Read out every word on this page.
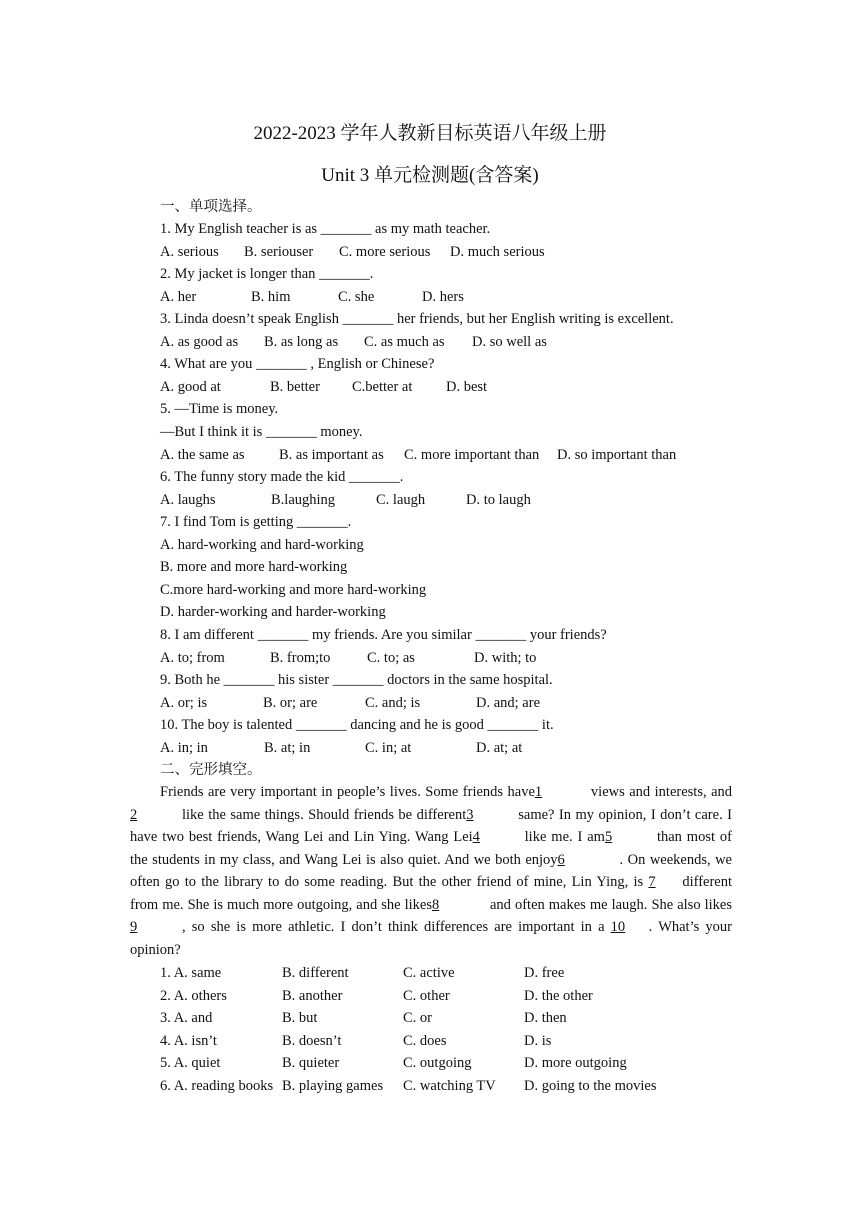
2022-2023 学年人教新目标英语八年级上册
Unit 3 单元检测题(含答案)
一、单项选择。
1. My English teacher is as _______ as my math teacher.
A. serious B. seriouser C. more serious D. much serious
2. My jacket is longer than _______.
A. her	B. him	C. she	D. hers
3. Linda doesn’t speak English _______ her friends, but her English writing is excellent.
A. as good as B. as long as C. as much as D. so well as
4. What are you _______ , English or Chinese?
A. good at	B. better C.better at D. best
5. —Time is money.
—But I think it is _______ money.
A. the same as B. as important as C. more important than D. so important than
6. The funny story made the kid _______.
A. laughs	B.laughing	C. laugh	D. to laugh
7. I find Tom is getting _______.
A. hard-working and hard-working
B. more and more hard-working
C.more hard-working and more hard-working
D. harder-working and harder-working
8. I am different _______ my friends. Are you similar _______ your friends?
A. to; from	B. from;to	C. to; as	D. with; to
9. Both he _______ his sister _______ doctors in the same hospital.
A. or; is	B. or; are	C. and; is	D. and; are
10. The boy is talented _______ dancing and he is good _______ it.
A. in; in	B. at; in	C. in; at	D. at; at
二、完形填空。
Friends are very important in people’s lives. Some friends have1	views and interests, and2	like the same things. Should friends be different3	same? In my opinion, I don’t care. I have two best friends, Wang Lei and Lin Ying. Wang Lei4	like me. I am5	than most of the students in my class, and Wang Lei is also quiet. And we both enjoy6	. On weekends, we often go to the library to do some reading. But the other friend of mine, Lin Ying, is 7 different from me. She is much more outgoing, and she likes8	and often makes me laugh. She also likes9	, so she is more athletic. I don’t think differences are important in a 10 . What’s your opinion?
1. A. same	B. different	C. active	D. free
2. A. others	B. another	C. other	D. the other
3. A. and	B. but	C. or	D. then
4. A. isn’t	B. doesn’t	C. does	D. is
5. A. quiet	B. quieter	C. outgoing	D. more outgoing
6. A. reading books B. playing games C. watching TV D. going to the movies
